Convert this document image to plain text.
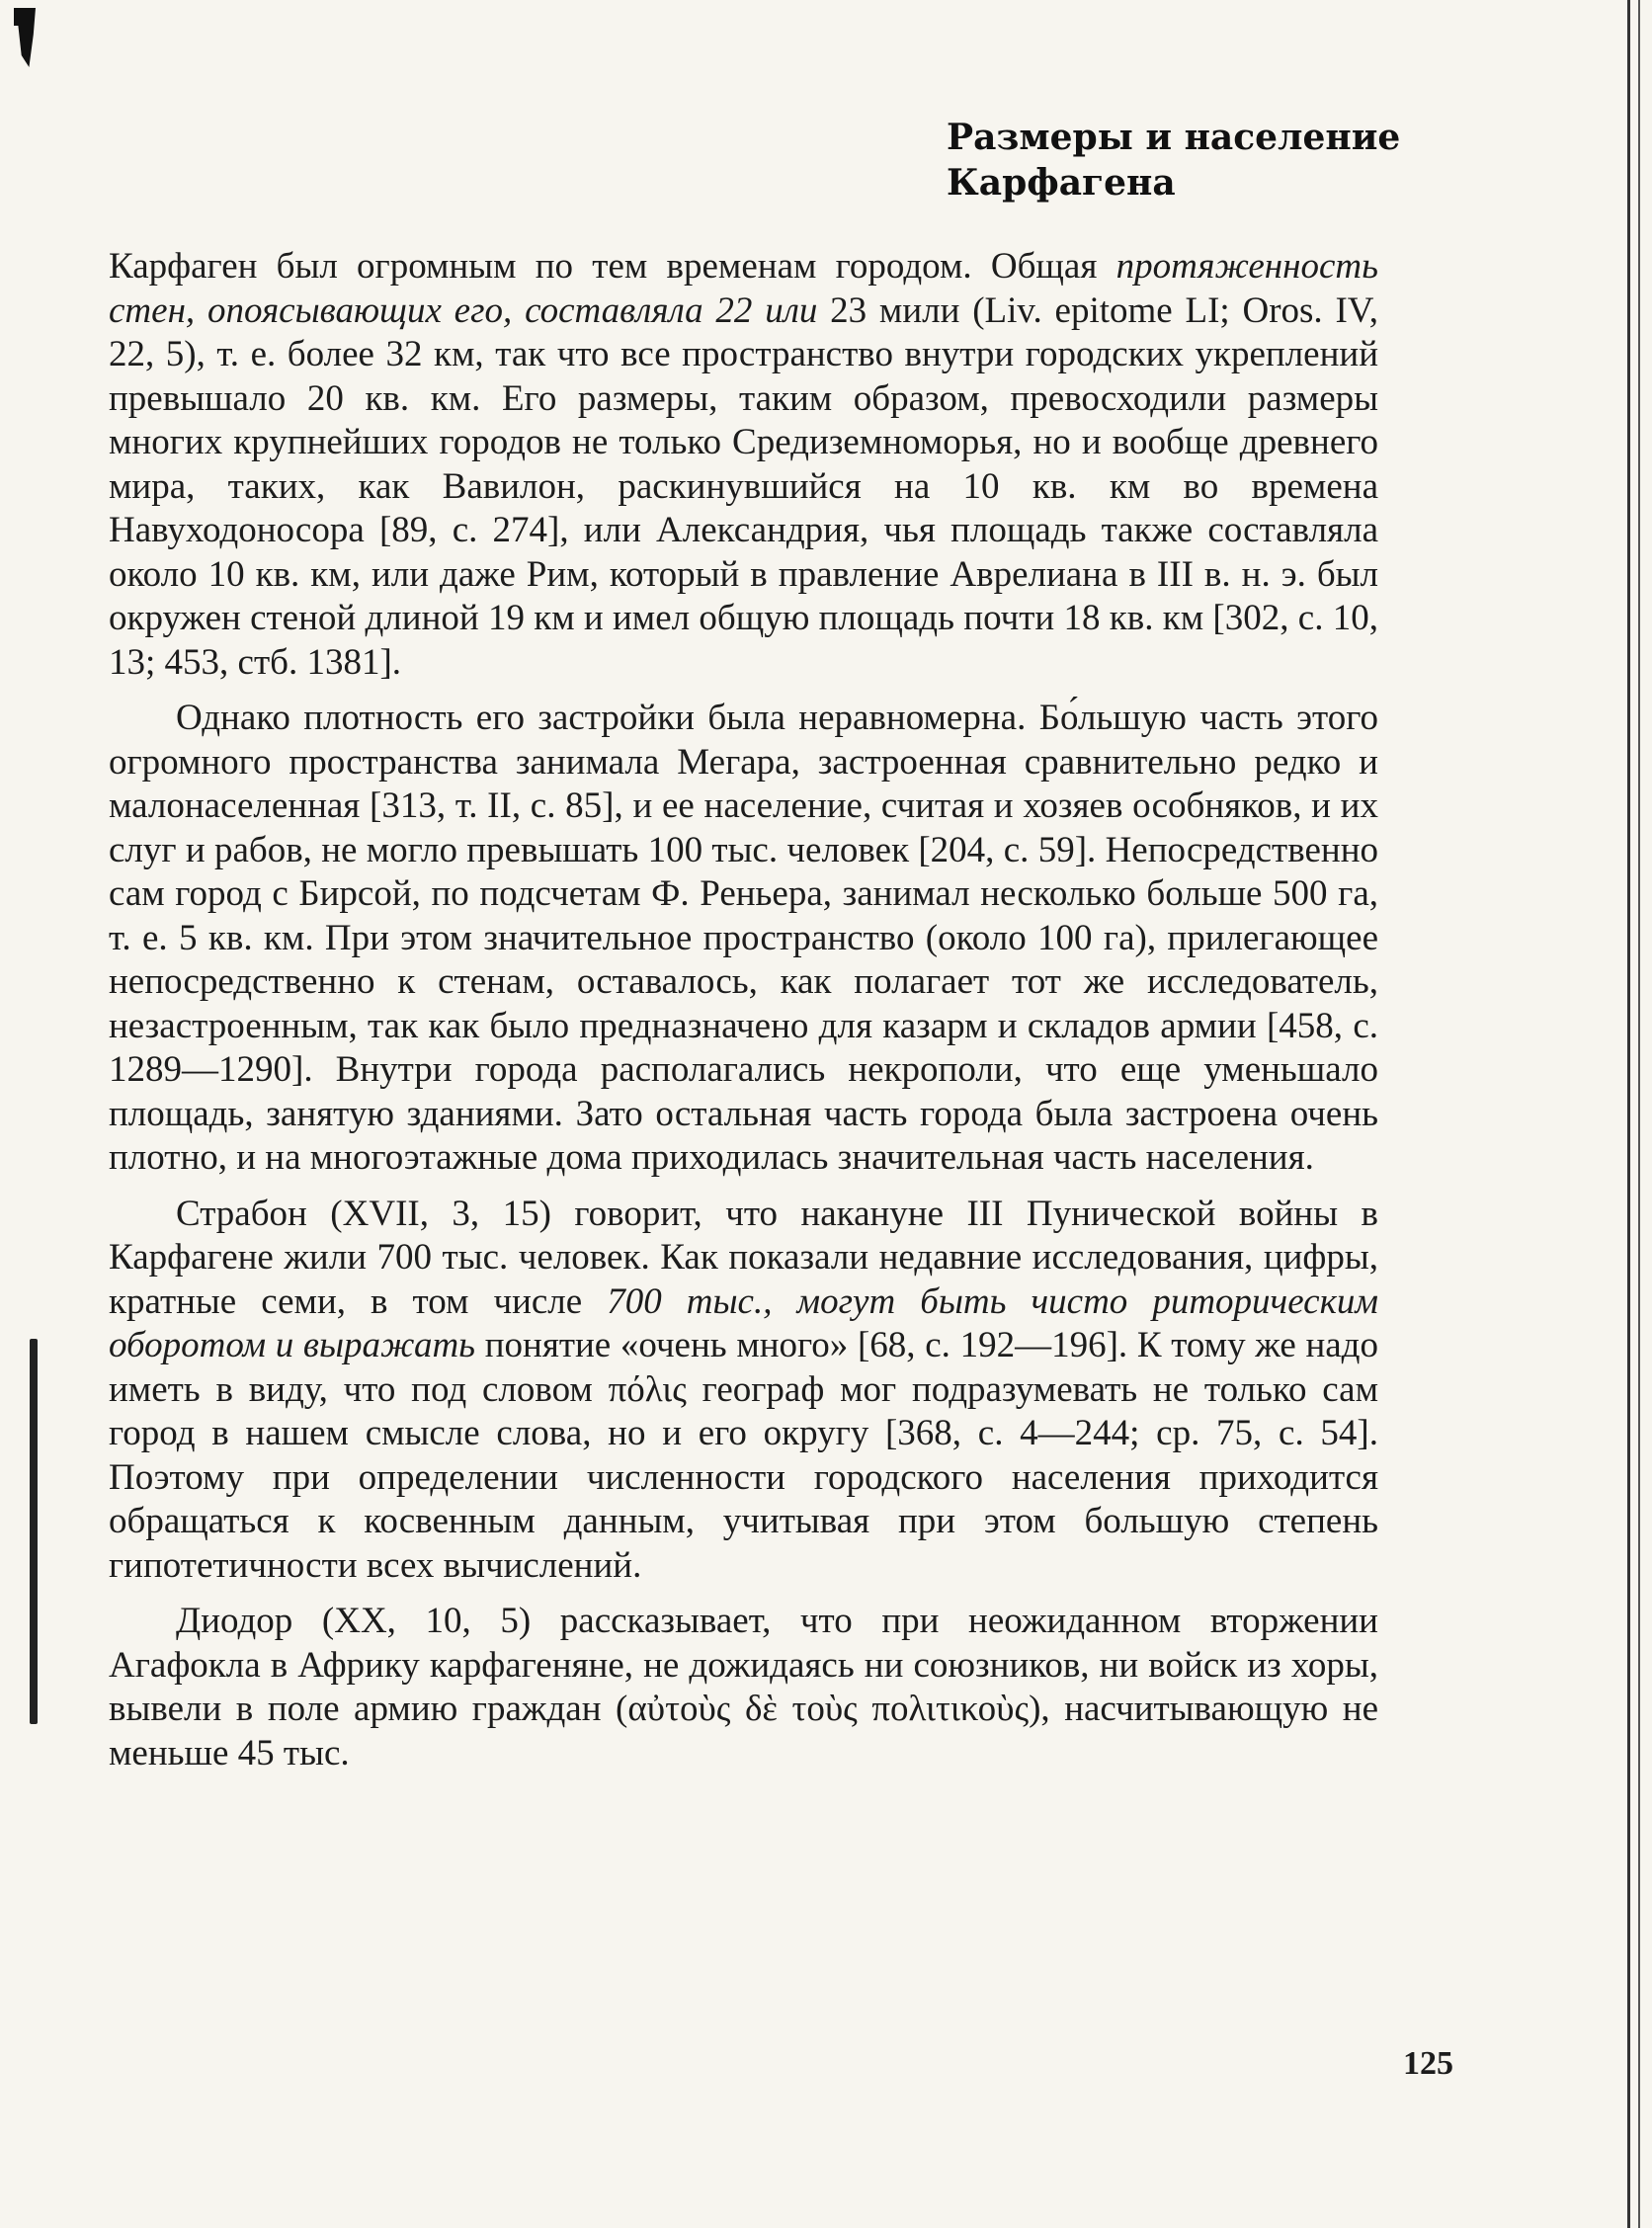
Размеры и население
Карфагена

Карфаген был огромным по тем временам городом. Общая протяженность стен, опоясывающих его, составляла 22 или 23 мили (Liv. epitome LI; Oros. IV, 22, 5), т. е. более 32 км, так что все пространство внутри городских укреплений превышало 20 кв. км. Его размеры, таким образом, превосходили размеры многих крупнейших городов не только Средиземноморья, но и вообще древнего мира, таких, как Вавилон, раскинувшийся на 10 кв. км во времена Навуходоносора [89, с. 274], или Александрия, чья площадь также составляла около 10 кв. км, или даже Рим, который в правление Аврелиана в III в. н. э. был окружен стеной длиной 19 км и имел общую площадь почти 18 кв. км [302, с. 10, 13; 453, стб. 1381].

Однако плотность его застройки была неравномерна. Бо́льшую часть этого огромного пространства занимала Мегара, застроенная сравнительно редко и малонаселенная [313, т. II, с. 85], и ее население, считая и хозяев особняков, и их слуг и рабов, не могло превышать 100 тыс. человек [204, с. 59]. Непосредственно сам город с Бирсой, по подсчетам Ф. Реньера, занимал несколько больше 500 га, т. е. 5 кв. км. При этом значительное пространство (около 100 га), прилегающее непосредственно к стенам, оставалось, как полагает тот же исследователь, незастроенным, так как было предназначено для казарм и складов армии [458, с. 1289—1290]. Внутри города располагались некрополи, что еще уменьшало площадь, занятую зданиями. Зато остальная часть города была застроена очень плотно, и на многоэтажные дома приходилась значительная часть населения.

Страбон (XVII, 3, 15) говорит, что накануне III Пунической войны в Карфагене жили 700 тыс. человек. Как показали недавние исследования, цифры, кратные семи, в том числе 700 тыс., могут быть чисто риторическим оборотом и выражать понятие «очень много» [68, с. 192—196]. К тому же надо иметь в виду, что под словом πόλις географ мог подразумевать не только сам город в нашем смысле слова, но и его округу [368, с. 4—244; ср. 75, с. 54]. Поэтому при определении численности городского населения приходится обращаться к косвенным данным, учитывая при этом большую степень гипотетичности всех вычислений.

Диодор (XX, 10, 5) рассказывает, что при неожиданном вторжении Агафокла в Африку карфагеняне, не дожидаясь ни союзников, ни войск из хоры, вывели в поле армию граждан (αὐτοὺς δὲ τοὺς πολιτικοὺς), насчитывающую не меньше 45 тыс.

125
